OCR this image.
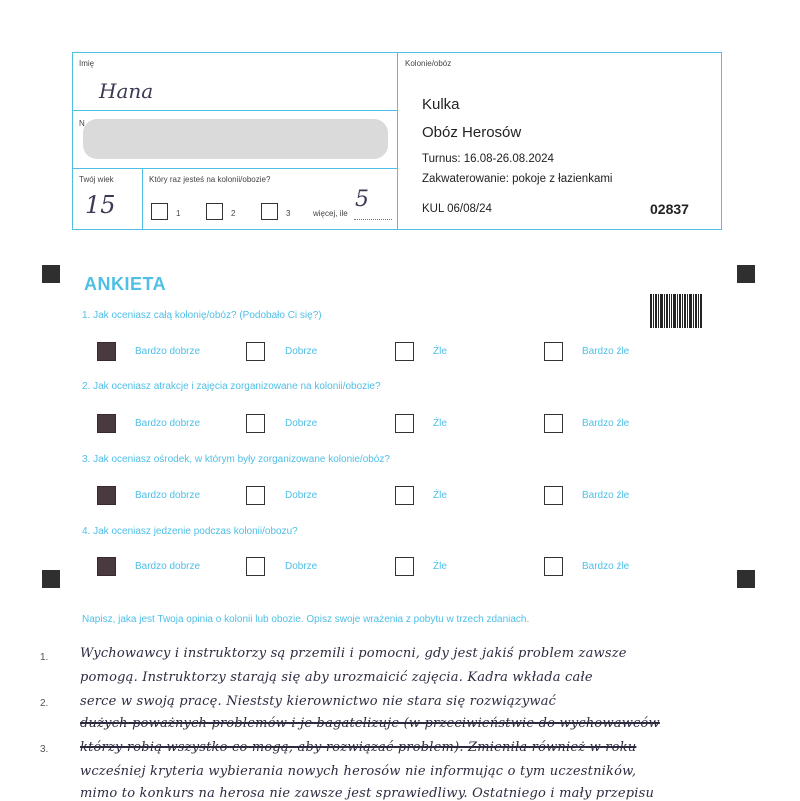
Imię
Hana
N
Twój wiek
15
Który raz jesteś na kolonii/obozie?
1	2	3	więcej, ile
5
Kolonie/obóz
Kulka
Obóz Herosów
Turnus: 16.08-26.08.2024
Zakwaterowanie: pokoje z łazienkami
KUL 06/08/24	02837
ANKIETA
1. Jak oceniasz całą kolonię/obóz? (Podobało Ci się?)
Bardzo dobrze	Dobrze	Źle	Bardzo źle
2. Jak oceniasz atrakcje i zajęcia zorganizowane na kolonii/obozie?
Bardzo dobrze	Dobrze	Źle	Bardzo źle
3. Jak oceniasz ośrodek, w którym były zorganizowane kolonie/obóz?
Bardzo dobrze	Dobrze	Źle	Bardzo źle
4. Jak oceniasz jedzenie podczas kolonii/obozu?
Bardzo dobrze	Dobrze	Źle	Bardzo źle
Napisz, jaka jest Twoja opinia o kolonii lub obozie. Opisz swoje wrażenia z pobytu w trzech zdaniach.
1.
2.
3.
Wychowawcy i instruktorzy są przemili i pomocni, gdy jest jakiś problem zawsze
pomogą. Instruktorzy starają się aby urozmaicić zajęcia. Kadra wkłada całe
serce w swoją pracę. Nieststy kierownictwo nie stara się rozwiązywać
dużych poważnych problemów i je bagatelizuje (w przeciwieństwie do wychowawców
którzy robią wszystko co mogą, aby rozwiązać problem). Zmieniła również w roku
wcześniej kryteria wybierania nowych herosów nie informując o tym uczestników,
mimo to konkurs na herosa nie zawsze jest sprawiedliwy. Ostatniego i mały przepisu
